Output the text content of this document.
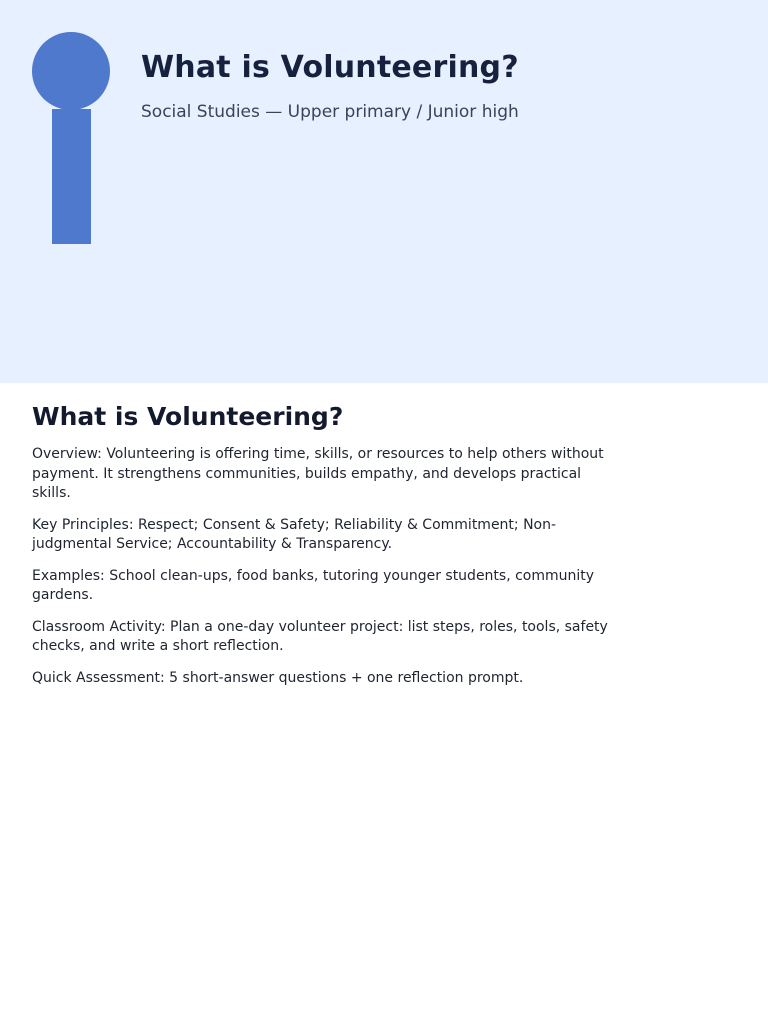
What is Volunteering?

Social Studies — Upper primary / Junior high

What is Volunteering?

Overview: Volunteering is offering time, skills, or resources to help others without payment. It strengthens communities, builds empathy, and develops practical skills.

Key Principles: Respect; Consent & Safety; Reliability & Commitment; Non-judgmental Service; Accountability & Transparency.

Examples: School clean-ups, food banks, tutoring younger students, community gardens.

Classroom Activity: Plan a one-day volunteer project: list steps, roles, tools, safety checks, and write a short reflection.

Quick Assessment: 5 short-answer questions + one reflection prompt.
